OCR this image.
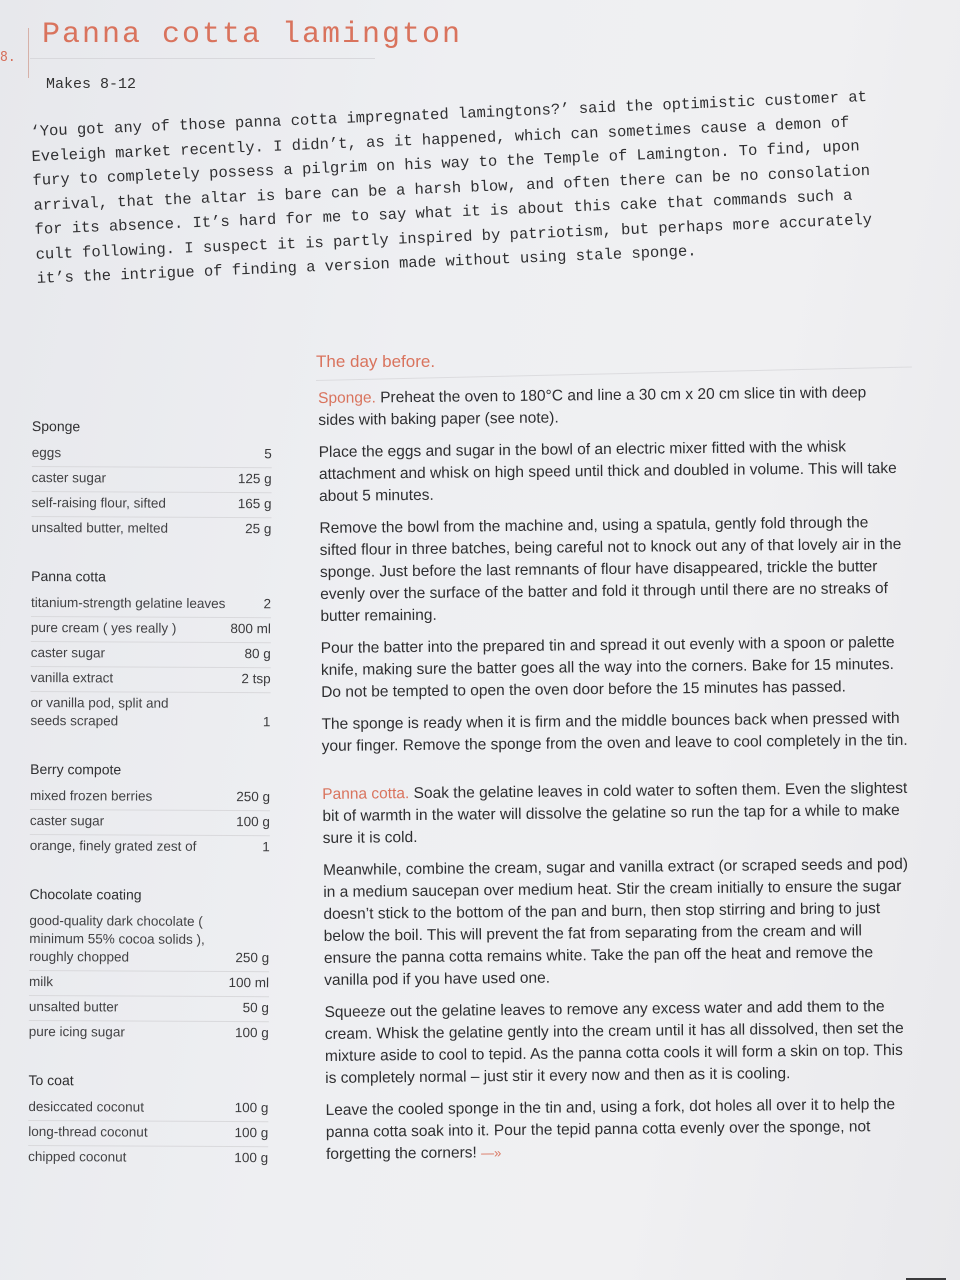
8.
Panna cotta lamington
Makes 8-12

‘You got any of those panna cotta impregnated lamingtons?’ said the optimistic customer at Eveleigh market recently. I didn’t, as it happened, which can sometimes cause a demon of fury to completely possess a pilgrim on his way to the Temple of Lamington. To find, upon arrival, that the altar is bare can be a harsh blow, and often there can be no consolation for its absence. It’s hard for me to say what it is about this cake that commands such a cult following. I suspect it is partly inspired by patriotism, but perhaps more accurately it’s the intrigue of finding a version made without using stale sponge.

The day before.
Sponge
eggs	5
caster sugar	125 g
self-raising flour, sifted	165 g
unsalted butter, melted	25 g
Panna cotta
titanium-strength gelatine leaves	2
pure cream ( yes really )	800 ml
caster sugar	80 g
vanilla extract	2 tsp
or vanilla pod, split and seeds scraped	1
Berry compote
mixed frozen berries	250 g
caster sugar	100 g
orange, finely grated zest of	1
Chocolate coating
good-quality dark chocolate ( minimum 55% cocoa solids ), roughly chopped	250 g
milk	100 ml
unsalted butter	50 g
pure icing sugar	100 g
To coat
desiccated coconut	100 g
long-thread coconut	100 g
chipped coconut	100 g

Sponge. Preheat the oven to 180°C and line a 30 cm x 20 cm slice tin with deep sides with baking paper (see note).

Place the eggs and sugar in the bowl of an electric mixer fitted with the whisk attachment and whisk on high speed until thick and doubled in volume. This will take about 5 minutes.

Remove the bowl from the machine and, using a spatula, gently fold through the sifted flour in three batches, being careful not to knock out any of that lovely air in the sponge. Just before the last remnants of flour have disappeared, trickle the butter evenly over the surface of the batter and fold it through until there are no streaks of butter remaining.

Pour the batter into the prepared tin and spread it out evenly with a spoon or palette knife, making sure the batter goes all the way into the corners. Bake for 15 minutes. Do not be tempted to open the oven door before the 15 minutes has passed.

The sponge is ready when it is firm and the middle bounces back when pressed with your finger. Remove the sponge from the oven and leave to cool completely in the tin.

Panna cotta. Soak the gelatine leaves in cold water to soften them. Even the slightest bit of warmth in the water will dissolve the gelatine so run the tap for a while to make sure it is cold.

Meanwhile, combine the cream, sugar and vanilla extract (or scraped seeds and pod) in a medium saucepan over medium heat. Stir the cream initially to ensure the sugar doesn’t stick to the bottom of the pan and burn, then stop stirring and bring to just below the boil. This will prevent the fat from separating from the cream and will ensure the panna cotta remains white. Take the pan off the heat and remove the vanilla pod if you have used one.

Squeeze out the gelatine leaves to remove any excess water and add them to the cream. Whisk the gelatine gently into the cream until it has all dissolved, then set the mixture aside to cool to tepid. As the panna cotta cools it will form a skin on top. This is completely normal – just stir it every now and then as it is cooling.

Leave the cooled sponge in the tin and, using a fork, dot holes all over it to help the panna cotta soak into it. Pour the tepid panna cotta evenly over the sponge, not forgetting the corners! —»
